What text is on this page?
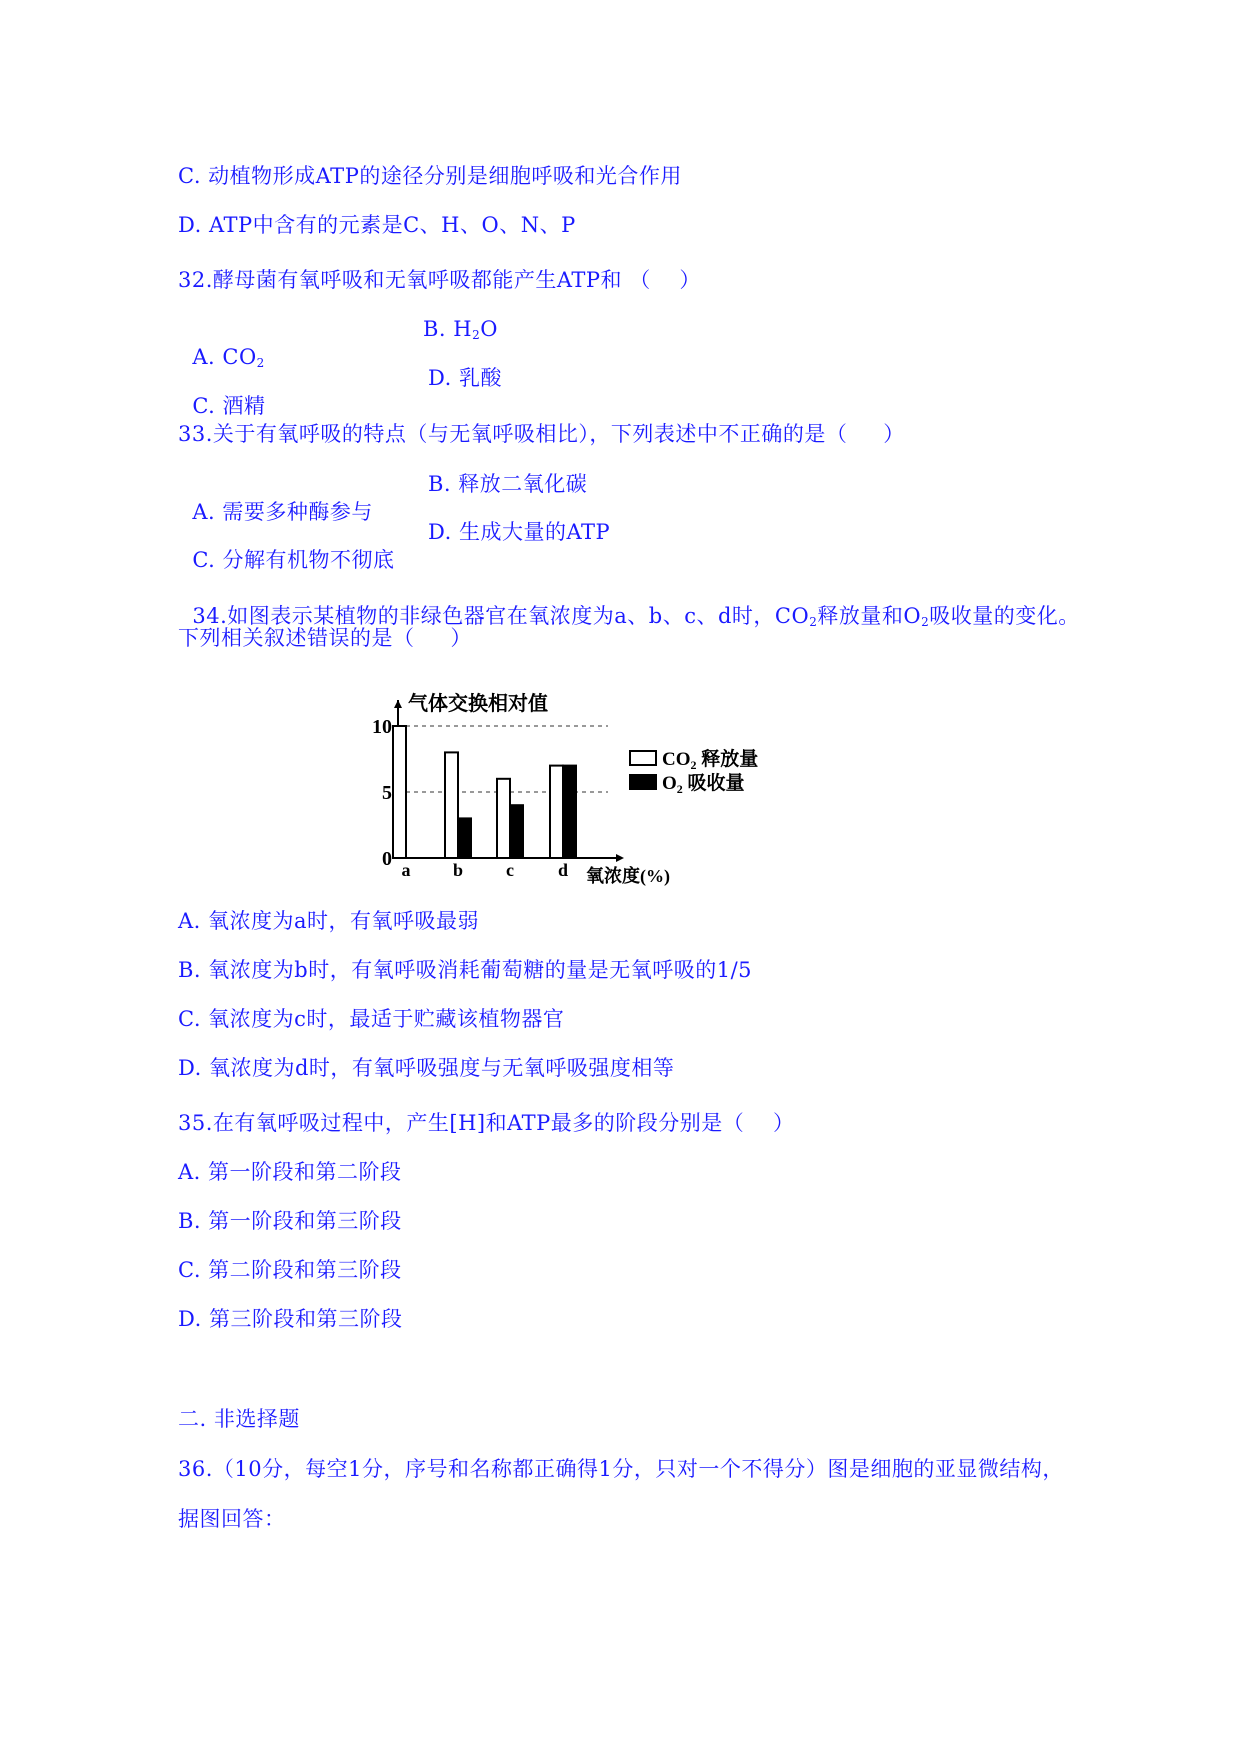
C. 动植物形成ATP的途径分别是细胞呼吸和光合作用
D. ATP中含有的元素是C、H、O、N、P
32.酵母菌有氧呼吸和无氧呼吸都能产生ATP和 （    ）

A. $CO_2$

B. $H_2O$

C. 酒精

D. 乳酸

33.关于有氧呼吸的特点（与无氧呼吸相比），下列表述中不正确的是（     ）

A. 需要多种酶参与

B. 释放二氧化碳

C. 分解有机物不彻底

D. 生成大量的ATP

34.如图表示某植物的非绿色器官在氧浓度为a、b、c、d时，$CO_2$释放量和$O_2$吸收量的变化。

下列相关叙述错误的是（     ）
气体交换相对值
0
5
10
a b c d 氧浓度(%)
$CO_2$ 释放量
$O_2$ 吸收量
A. 氧浓度为a时，有氧呼吸最弱
B. 氧浓度为b时，有氧呼吸消耗葡萄糖的量是无氧呼吸的1/5
C. 氧浓度为c时，最适于贮藏该植物器官
D. 氧浓度为d时，有氧呼吸强度与无氧呼吸强度相等
35.在有氧呼吸过程中，产生[H]和ATP最多的阶段分别是（    ）
A. 第一阶段和第二阶段
B. 第一阶段和第三阶段
C. 第二阶段和第三阶段
D. 第三阶段和第三阶段
二. 非选择题
36.（10分，每空1分，序号和名称都正确得1分，只对一个不得分）图是细胞的亚显微结构，
据图回答：
